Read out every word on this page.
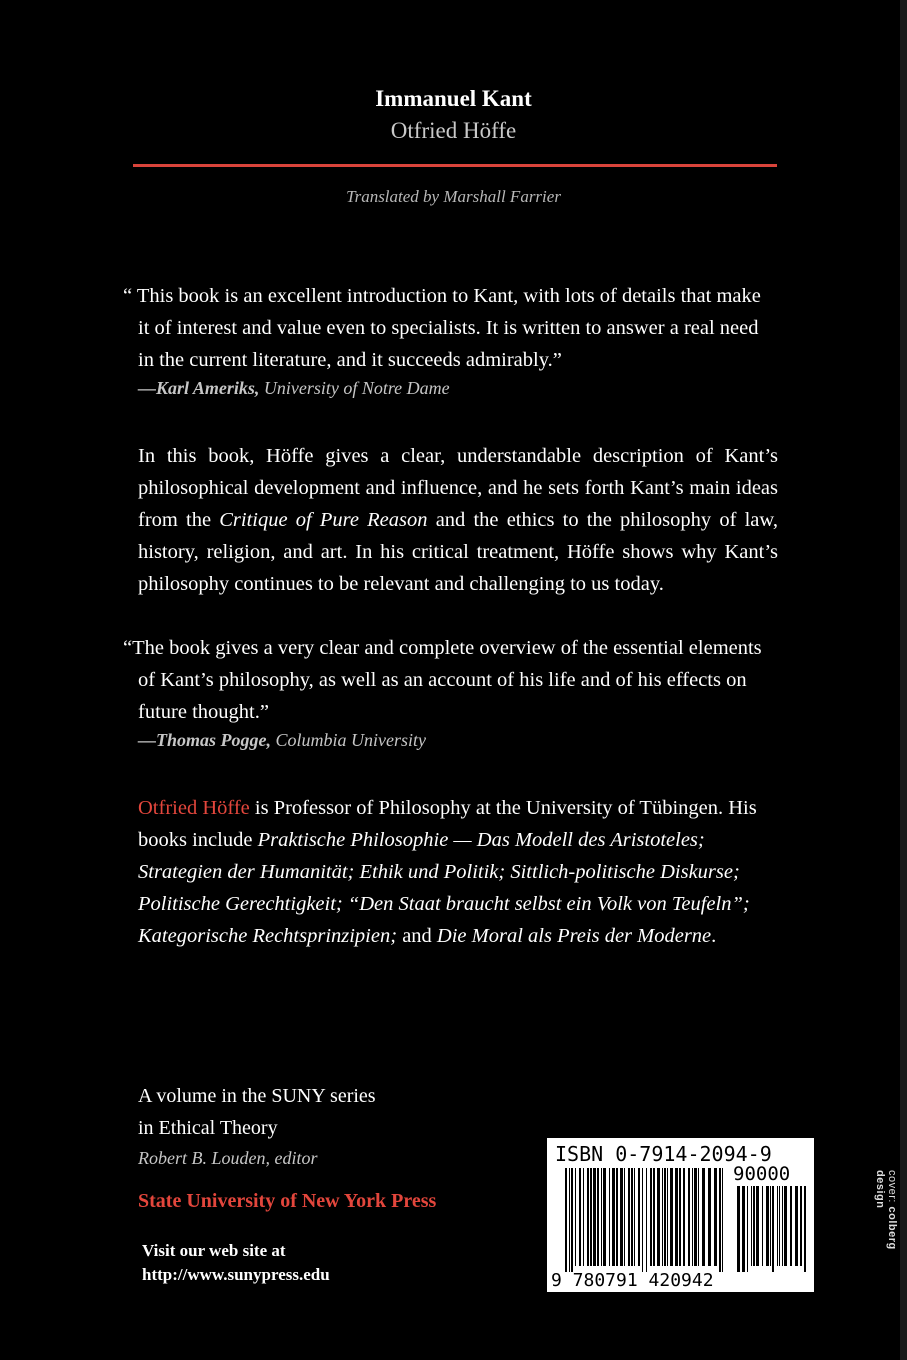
Immanuel Kant
Otfried Höffe
Translated by Marshall Farrier
“ This book is an excellent introduction to Kant, with lots of details that make
it of interest and value even to specialists. It is written to answer a real need in the current literature, and it succeeds admirably.”
—Karl Ameriks, University of Notre Dame
In this book, Höffe gives a clear, understandable description of Kant’s philosophical development and influence, and he sets forth Kant’s main ideas from the Critique of Pure Reason and the ethics to the philosophy of law, history, religion, and art. In his critical treatment, Höffe shows why Kant’s philosophy continues to be relevant and challenging to us today.
“The book gives a very clear and complete overview of the essential elements
of Kant’s philosophy, as well as an account of his life and of his effects on future thought.”
—Thomas Pogge, Columbia University
Otfried Höffe is Professor of Philosophy at the University of Tübingen. His books include Praktische Philosophie — Das Modell des Aristoteles; Strategien der Humanität; Ethik und Politik; Sittlich-politische Diskurse; Politische Gerechtigkeit; “Den Staat braucht selbst ein Volk von Teufeln”; Kategorische Rechtsprinzipien; and Die Moral als Preis der Moderne.
A volume in the SUNY series
in Ethical Theory
Robert B. Louden, editor
State University of New York Press
Visit our web site at
http://www.sunypress.edu
ISBN 0-7914-2094-9
90000
9 780791 420942
cover: colberg design
